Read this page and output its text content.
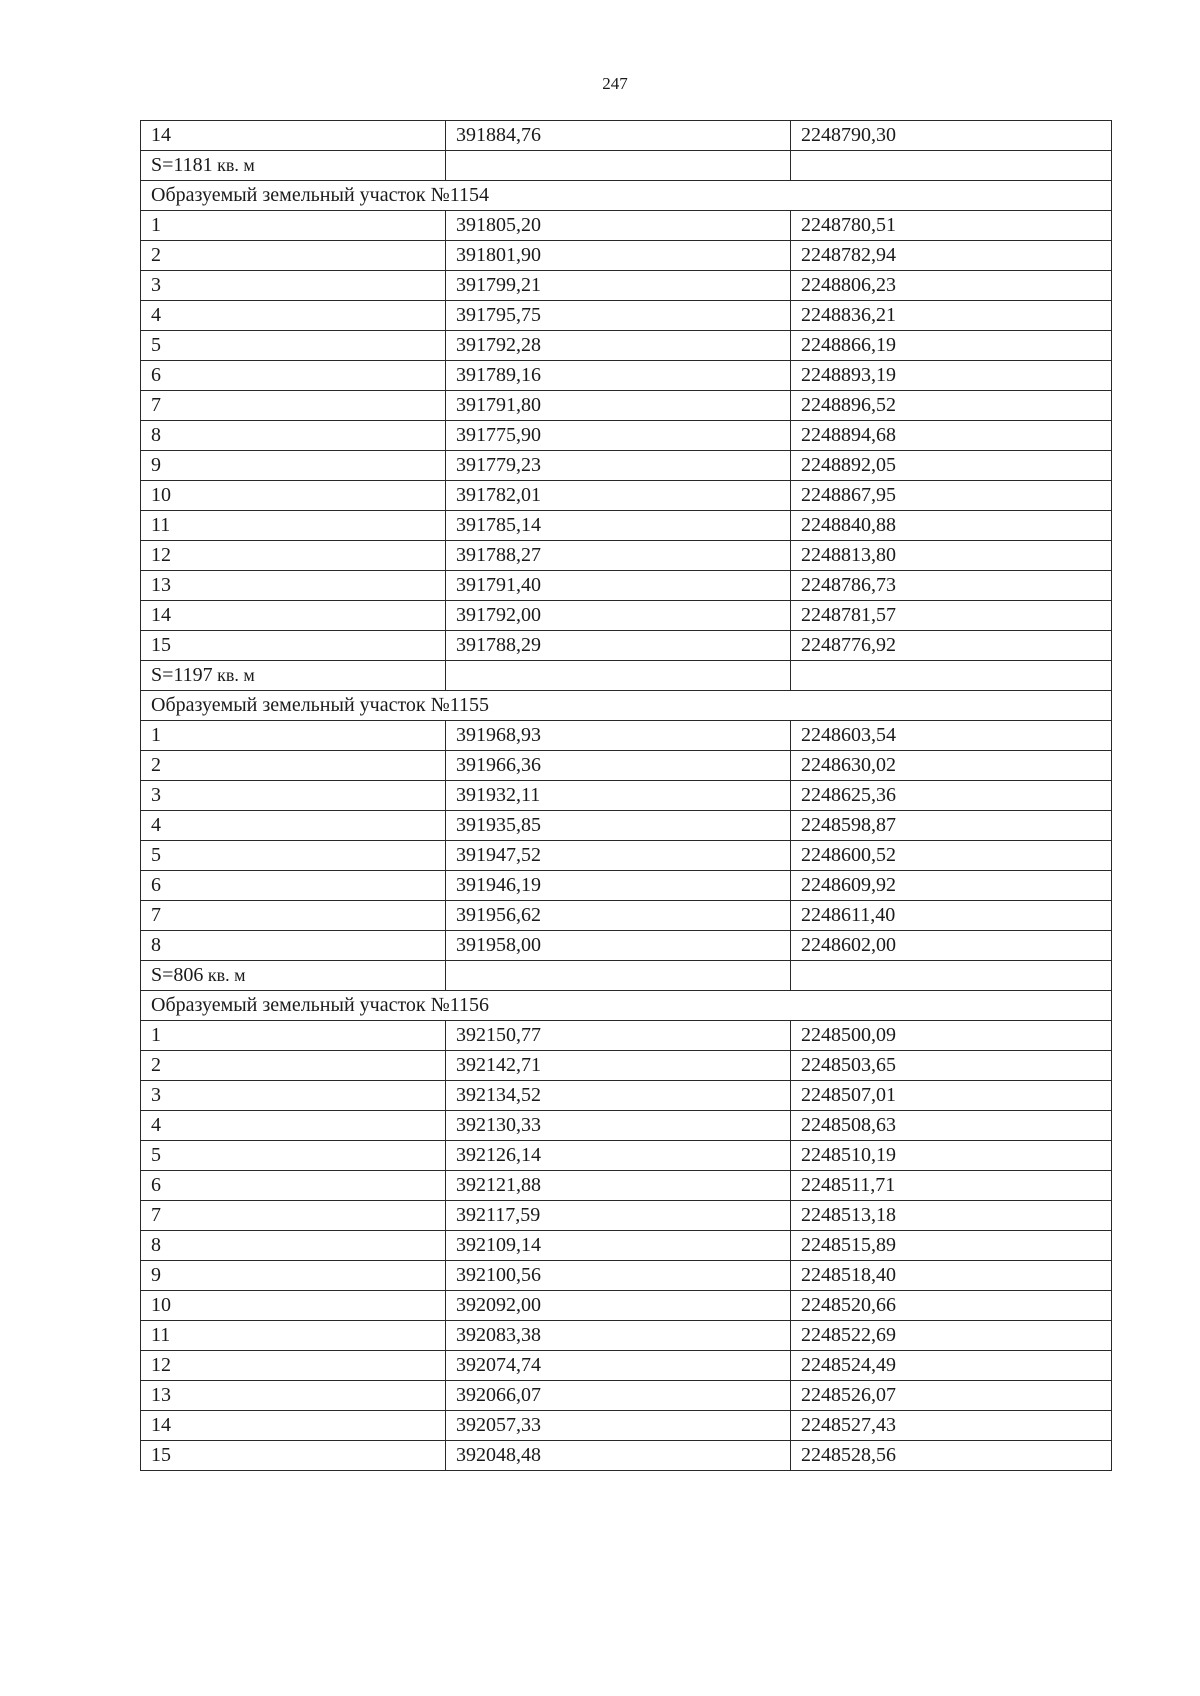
247
14	391884,76	2248790,30
S=1181 кв. м		
Образуемый земельный участок №1154		
1	391805,20	2248780,51
2	391801,90	2248782,94
3	391799,21	2248806,23
4	391795,75	2248836,21
5	391792,28	2248866,19
6	391789,16	2248893,19
7	391791,80	2248896,52
8	391775,90	2248894,68
9	391779,23	2248892,05
10	391782,01	2248867,95
11	391785,14	2248840,88
12	391788,27	2248813,80
13	391791,40	2248786,73
14	391792,00	2248781,57
15	391788,29	2248776,92
S=1197 кв. м		
Образуемый земельный участок №1155		
1	391968,93	2248603,54
2	391966,36	2248630,02
3	391932,11	2248625,36
4	391935,85	2248598,87
5	391947,52	2248600,52
6	391946,19	2248609,92
7	391956,62	2248611,40
8	391958,00	2248602,00
S=806 кв. м		
Образуемый земельный участок №1156		
1	392150,77	2248500,09
2	392142,71	2248503,65
3	392134,52	2248507,01
4	392130,33	2248508,63
5	392126,14	2248510,19
6	392121,88	2248511,71
7	392117,59	2248513,18
8	392109,14	2248515,89
9	392100,56	2248518,40
10	392092,00	2248520,66
11	392083,38	2248522,69
12	392074,74	2248524,49
13	392066,07	2248526,07
14	392057,33	2248527,43
15	392048,48	2248528,56
